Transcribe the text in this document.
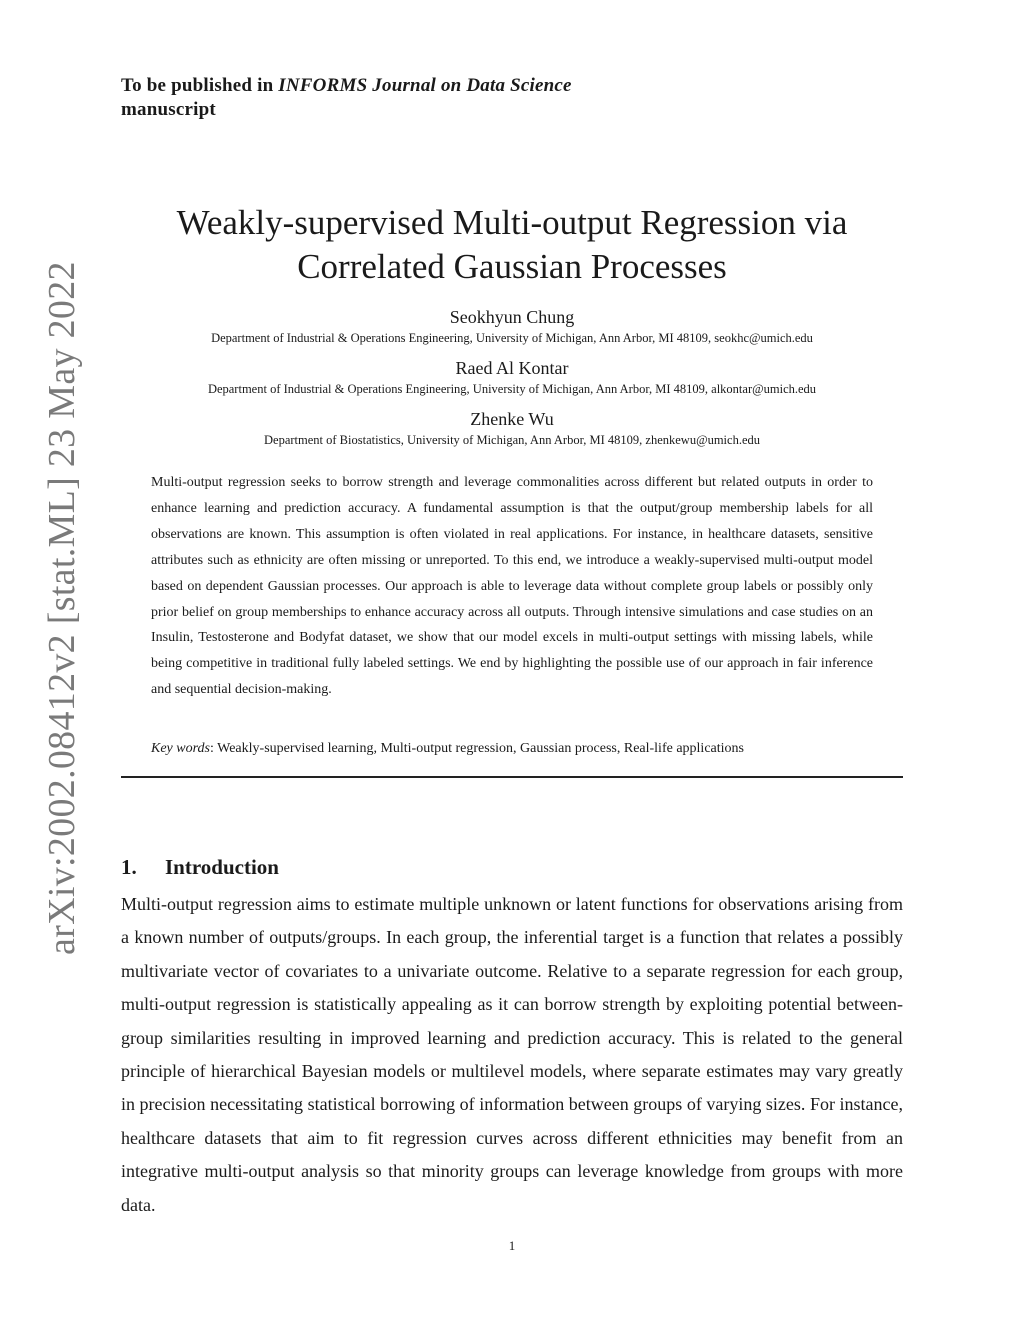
To be published in INFORMS Journal on Data Science
manuscript
arXiv:2002.08412v2 [stat.ML] 23 May 2022
Weakly-supervised Multi-output Regression via
Correlated Gaussian Processes

Seokhyun Chung

Department of Industrial & Operations Engineering, University of Michigan, Ann Arbor, MI 48109, seokhc@umich.edu

Raed Al Kontar

Department of Industrial & Operations Engineering, University of Michigan, Ann Arbor, MI 48109, alkontar@umich.edu

Zhenke Wu

Department of Biostatistics, University of Michigan, Ann Arbor, MI 48109, zhenkewu@umich.edu

Multi-output regression seeks to borrow strength and leverage commonalities across different but related outputs in order to enhance learning and prediction accuracy. A fundamental assumption is that the output/group membership labels for all observations are known. This assumption is often violated in real applications. For instance, in healthcare datasets, sensitive attributes such as ethnicity are often missing or unreported. To this end, we introduce a weakly-supervised multi-output model based on dependent Gaussian processes. Our approach is able to leverage data without complete group labels or possibly only prior belief on group memberships to enhance accuracy across all outputs. Through intensive simulations and case studies on an Insulin, Testosterone and Bodyfat dataset, we show that our model excels in multi-output settings with missing labels, while being competitive in traditional fully labeled settings. We end by highlighting the possible use of our approach in fair inference and sequential decision-making.

Key words: Weakly-supervised learning, Multi-output regression, Gaussian process, Real-life applications

1. Introduction

Multi-output regression aims to estimate multiple unknown or latent functions for observations arising from a known number of outputs/groups. In each group, the inferential target is a function that relates a possibly multivariate vector of covariates to a univariate outcome. Relative to a separate regression for each group, multi-output regression is statistically appealing as it can borrow strength by exploiting potential between-group similarities resulting in improved learning and prediction accuracy. This is related to the general principle of hierarchical Bayesian models or multilevel models, where separate estimates may vary greatly in precision necessitating statistical borrowing of information between groups of varying sizes. For instance, healthcare datasets that aim to fit regression curves across different ethnicities may benefit from an integrative multi-output analysis so that minority groups can leverage knowledge from groups with more data.

1
